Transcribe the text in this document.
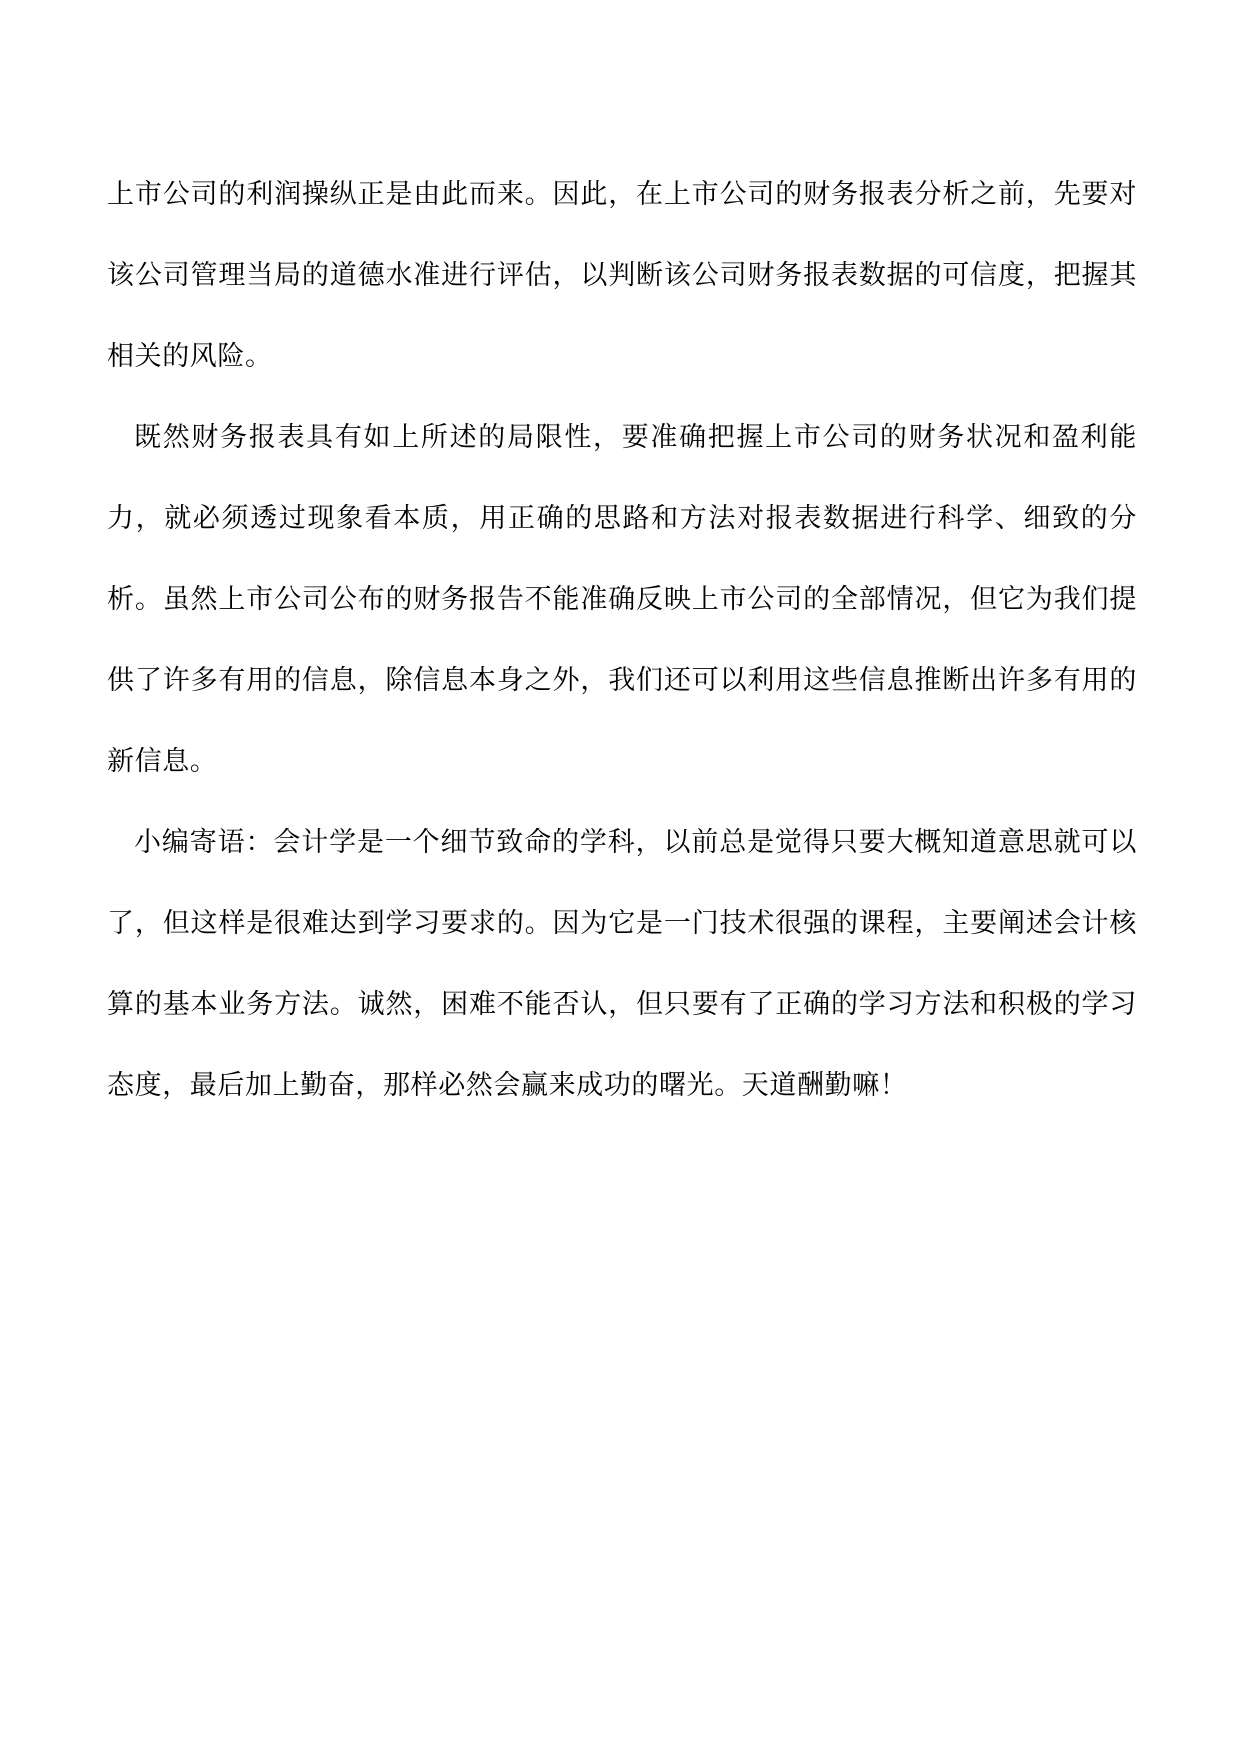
上市公司的利润操纵正是由此而来。因此，在上市公司的财务报表分析之前，先要对该公司管理当局的道德水准进行评估，以判断该公司财务报表数据的可信度，把握其相关的风险。

既然财务报表具有如上所述的局限性，要准确把握上市公司的财务状况和盈利能力，就必须透过现象看本质，用正确的思路和方法对报表数据进行科学、细致的分析。虽然上市公司公布的财务报告不能准确反映上市公司的全部情况，但它为我们提供了许多有用的信息，除信息本身之外，我们还可以利用这些信息推断出许多有用的新信息。

小编寄语：会计学是一个细节致命的学科，以前总是觉得只要大概知道意思就可以了，但这样是很难达到学习要求的。因为它是一门技术很强的课程，主要阐述会计核算的基本业务方法。诚然，困难不能否认，但只要有了正确的学习方法和积极的学习态度，最后加上勤奋，那样必然会赢来成功的曙光。天道酬勤嘛！
